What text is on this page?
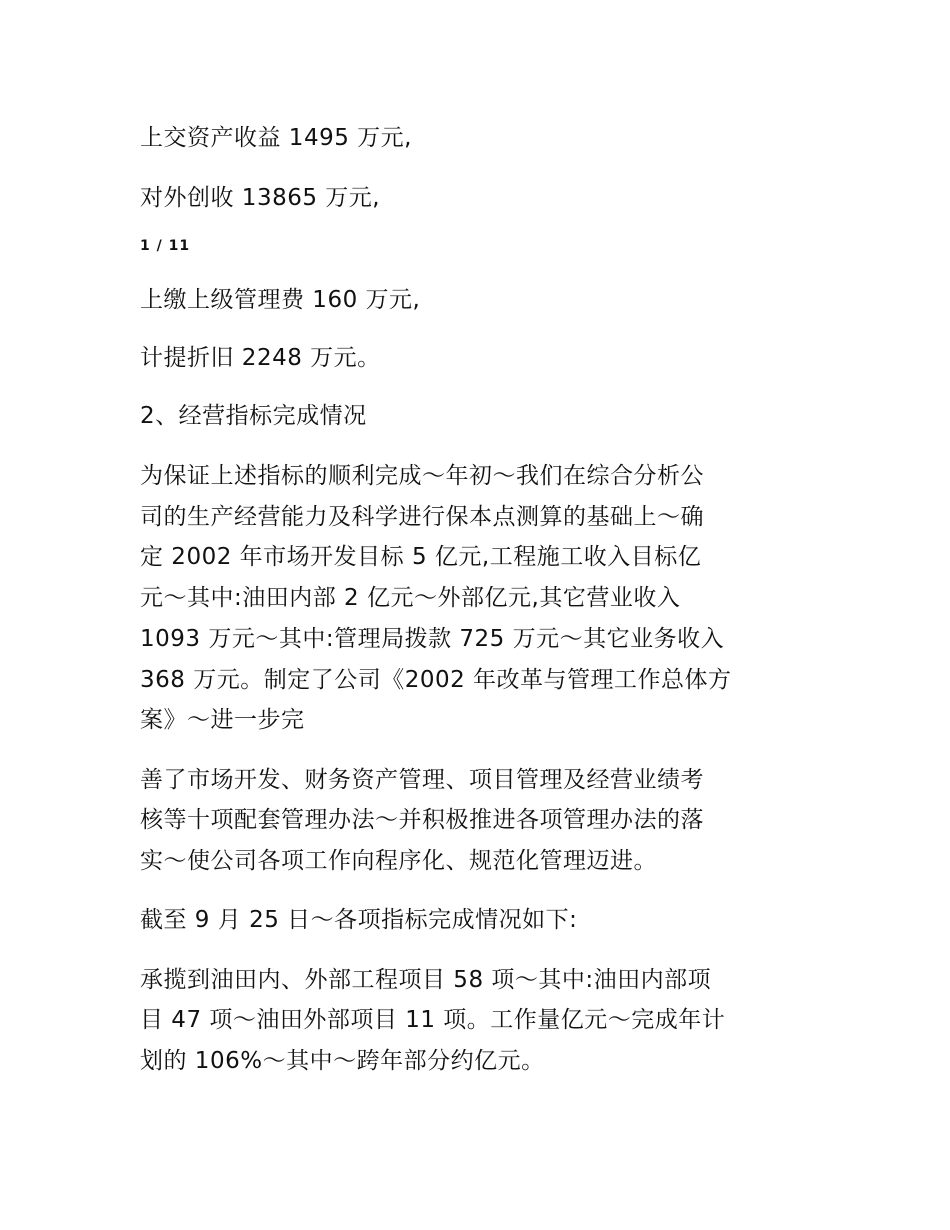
上交资产收益 1495 万元,
对外创收 13865 万元,
1 / 11
上缴上级管理费 160 万元,
计提折旧 2248 万元。
2、经营指标完成情况
为保证上述指标的顺利完成～年初～我们在综合分析公
司的生产经营能力及科学进行保本点测算的基础上～确
定 2002 年市场开发目标 5 亿元,工程施工收入目标亿
元～其中:油田内部 2 亿元～外部亿元,其它营业收入
1093 万元～其中:管理局拨款 725 万元～其它业务收入
368 万元。制定了公司《2002 年改革与管理工作总体方
案》～进一步完
善了市场开发、财务资产管理、项目管理及经营业绩考
核等十项配套管理办法～并积极推进各项管理办法的落
实～使公司各项工作向程序化、规范化管理迈进。
截至 9 月 25 日～各项指标完成情况如下:
承揽到油田内、外部工程项目 58 项～其中:油田内部项
目 47 项～油田外部项目 11 项。工作量亿元～完成年计
划的 106%～其中～跨年部分约亿元。
